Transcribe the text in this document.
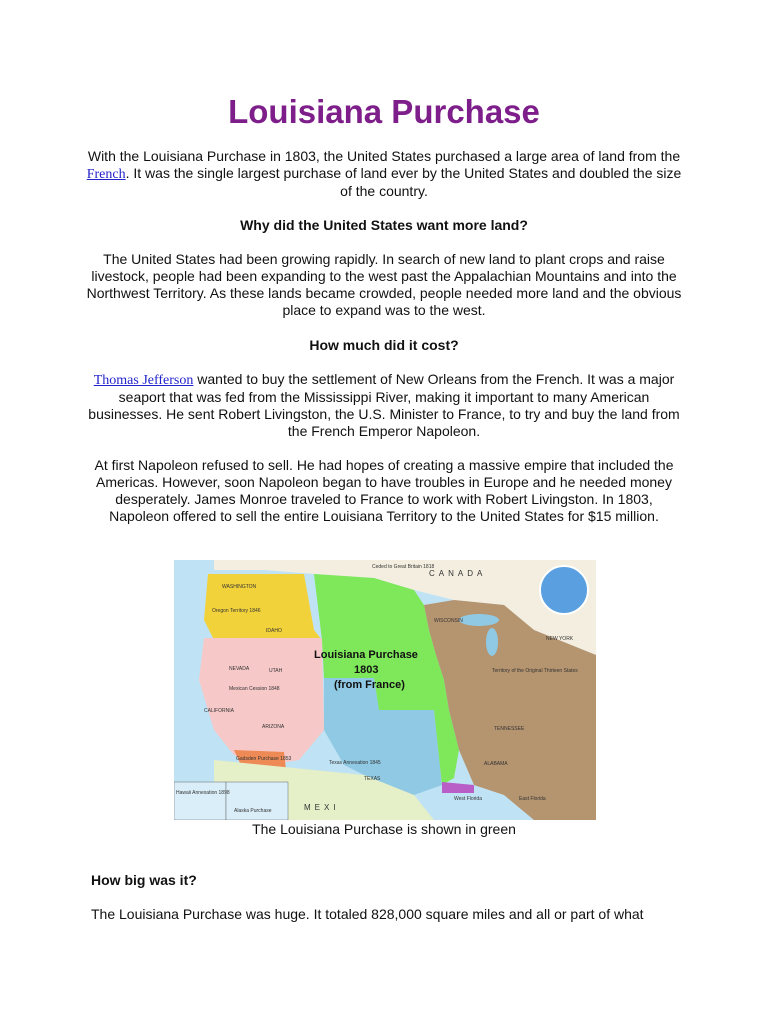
Louisiana Purchase

With the Louisiana Purchase in 1803, the United States purchased a large area of land from the French. It was the single largest purchase of land ever by the United States and doubled the size of the country.

Why did the United States want more land?

The United States had been growing rapidly. In search of new land to plant crops and raise livestock, people had been expanding to the west past the Appalachian Mountains and into the Northwest Territory. As these lands became crowded, people needed more land and the obvious place to expand was to the west.

How much did it cost?

Thomas Jefferson wanted to buy the settlement of New Orleans from the French. It was a major seaport that was fed from the Mississippi River, making it important to many American businesses. He sent Robert Livingston, the U.S. Minister to France, to try and buy the land from the French Emperor Napoleon.

At first Napoleon refused to sell. He had hopes of creating a massive empire that included the Americas. However, soon Napoleon began to have troubles in Europe and he needed money desperately. James Monroe traveled to France to work with Robert Livingston. In 1803, Napoleon offered to sell the entire Louisiana Territory to the United States for $15 million.

CANADA
WASHINGTON
Oregon Territory 1846
IDAHO
NEVADA	UTAH
Mexican Cession 1848
CALIFORNIA
ARIZONA
Gadsden Purchase 1853
Texas Annexation 1845
TEXAS
West Florida	East Florida
Territory of the Original Thirteen States
NEW YORK
WISCONSIN
TENNESSEE
ALABAMA
Ceded to Great Britain 1818
Alaska Purchase
Hawaii Annexation 1898
MEXI
Louisiana Purchase
1803
(from France)

The Louisiana Purchase is shown in green

How big was it?

The Louisiana Purchase was huge. It totaled 828,000 square miles and all or part of what
